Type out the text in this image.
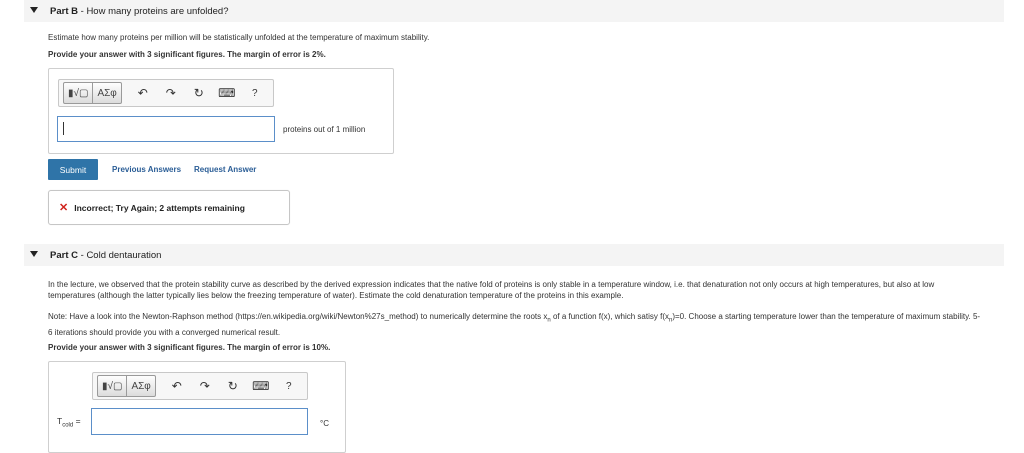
Part B - How many proteins are unfolded?
Estimate how many proteins per million will be statistically unfolded at the temperature of maximum stability.
Provide your answer with 3 significant figures. The margin of error is 2%.
▮√▢ ΑΣφ	↶	↷	↻	⌨	?
proteins out of 1 million
Submit	Previous Answers Request Answer
✕ Incorrect; Try Again; 2 attempts remaining
Part C - Cold dentauration
In the lecture, we observed that the protein stability curve as described by the derived expression indicates that the native fold of proteins is only stable in a temperature window, i.e. that denaturation not only occurs at high temperatures, but also at low temperatures (although the latter typically lies below the freezing temperature of water). Estimate the cold denaturation temperature of the proteins in this example.
Note: Have a look into the Newton-Raphson method (https://en.wikipedia.org/wiki/Newton%27s_method) to numerically determine the roots $x_n$ of a function f(x), which satisy $f(x_n)=0$. Choose a starting temperature lower than the temperature of maximum stability. 5-6 iterations should provide you with a converged numerical result.
Provide your answer with 3 significant figures. The margin of error is 10%.
▮√▢ ΑΣφ	↶	↷	↻	⌨	?
$T_{cold}$ =	°C
